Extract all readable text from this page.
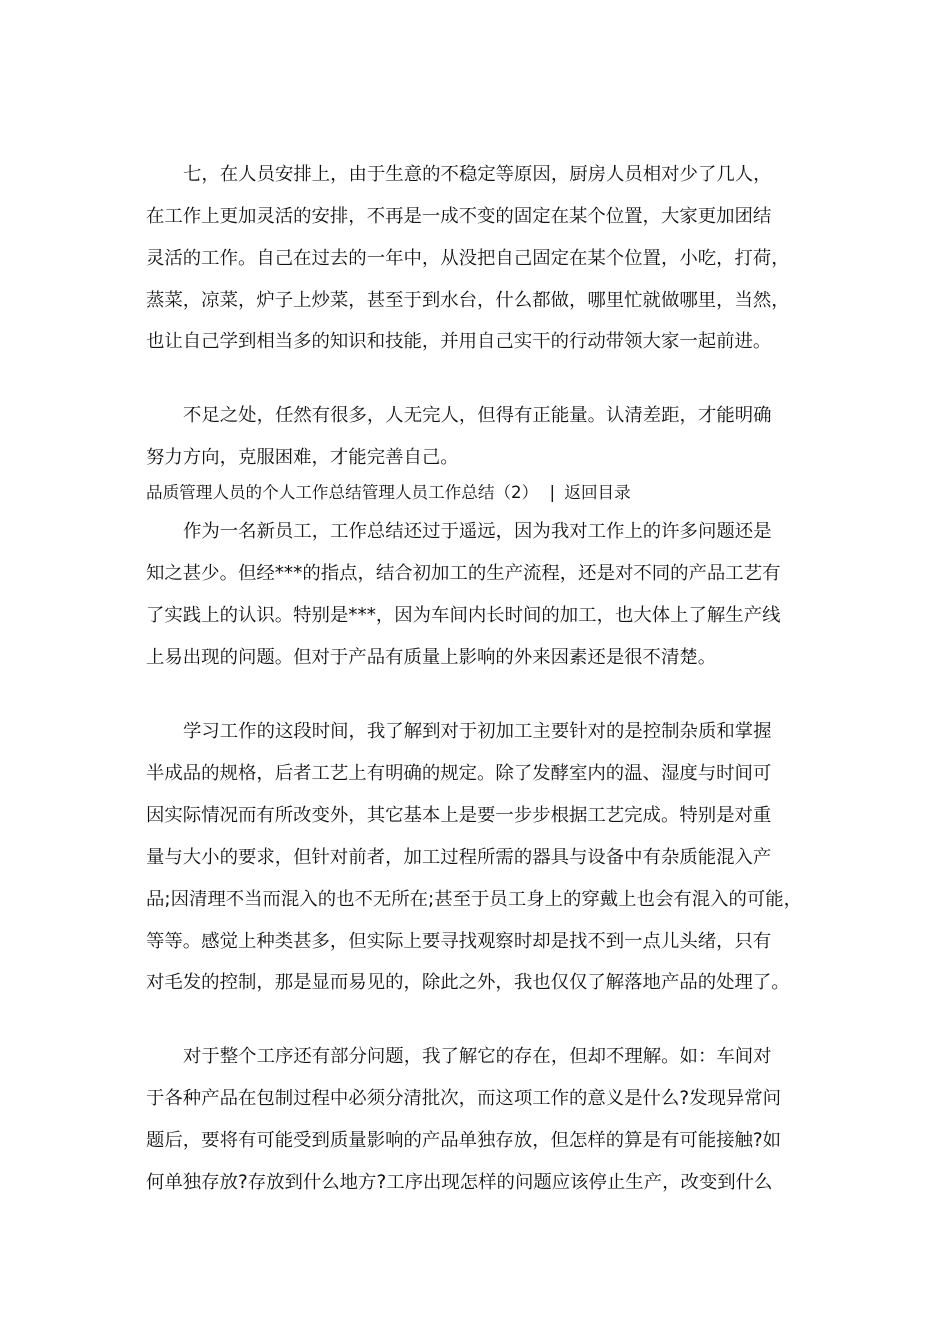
七，在人员安排上，由于生意的不稳定等原因，厨房人员相对少了几人，
在工作上更加灵活的安排，不再是一成不变的固定在某个位置，大家更加团结
灵活的工作。自己在过去的一年中，从没把自己固定在某个位置，小吃，打荷，
蒸菜，凉菜，炉子上炒菜，甚至于到水台，什么都做，哪里忙就做哪里，当然，
也让自己学到相当多的知识和技能，并用自己实干的行动带领大家一起前进。
不足之处，任然有很多，人无完人，但得有正能量。认清差距，才能明确
努力方向，克服困难，才能完善自己。
品质管理人员的个人工作总结管理人员工作总结（2） | 返回目录
作为一名新员工，工作总结还过于遥远，因为我对工作上的许多问题还是
知之甚少。但经***的指点，结合初加工的生产流程，还是对不同的产品工艺有
了实践上的认识。特别是***，因为车间内长时间的加工，也大体上了解生产线
上易出现的问题。但对于产品有质量上影响的外来因素还是很不清楚。
学习工作的这段时间，我了解到对于初加工主要针对的是控制杂质和掌握
半成品的规格，后者工艺上有明确的规定。除了发酵室内的温、湿度与时间可
因实际情况而有所改变外，其它基本上是要一步步根据工艺完成。特别是对重
量与大小的要求，但针对前者，加工过程所需的器具与设备中有杂质能混入产
品;因清理不当而混入的也不无所在;甚至于员工身上的穿戴上也会有混入的可能，
等等。感觉上种类甚多，但实际上要寻找观察时却是找不到一点儿头绪，只有
对毛发的控制，那是显而易见的，除此之外，我也仅仅了解落地产品的处理了。
对于整个工序还有部分问题，我了解它的存在，但却不理解。如：车间对
于各种产品在包制过程中必须分清批次，而这项工作的意义是什么?发现异常问
题后，要将有可能受到质量影响的产品单独存放，但怎样的算是有可能接触?如
何单独存放?存放到什么地方?工序出现怎样的问题应该停止生产，改变到什么
